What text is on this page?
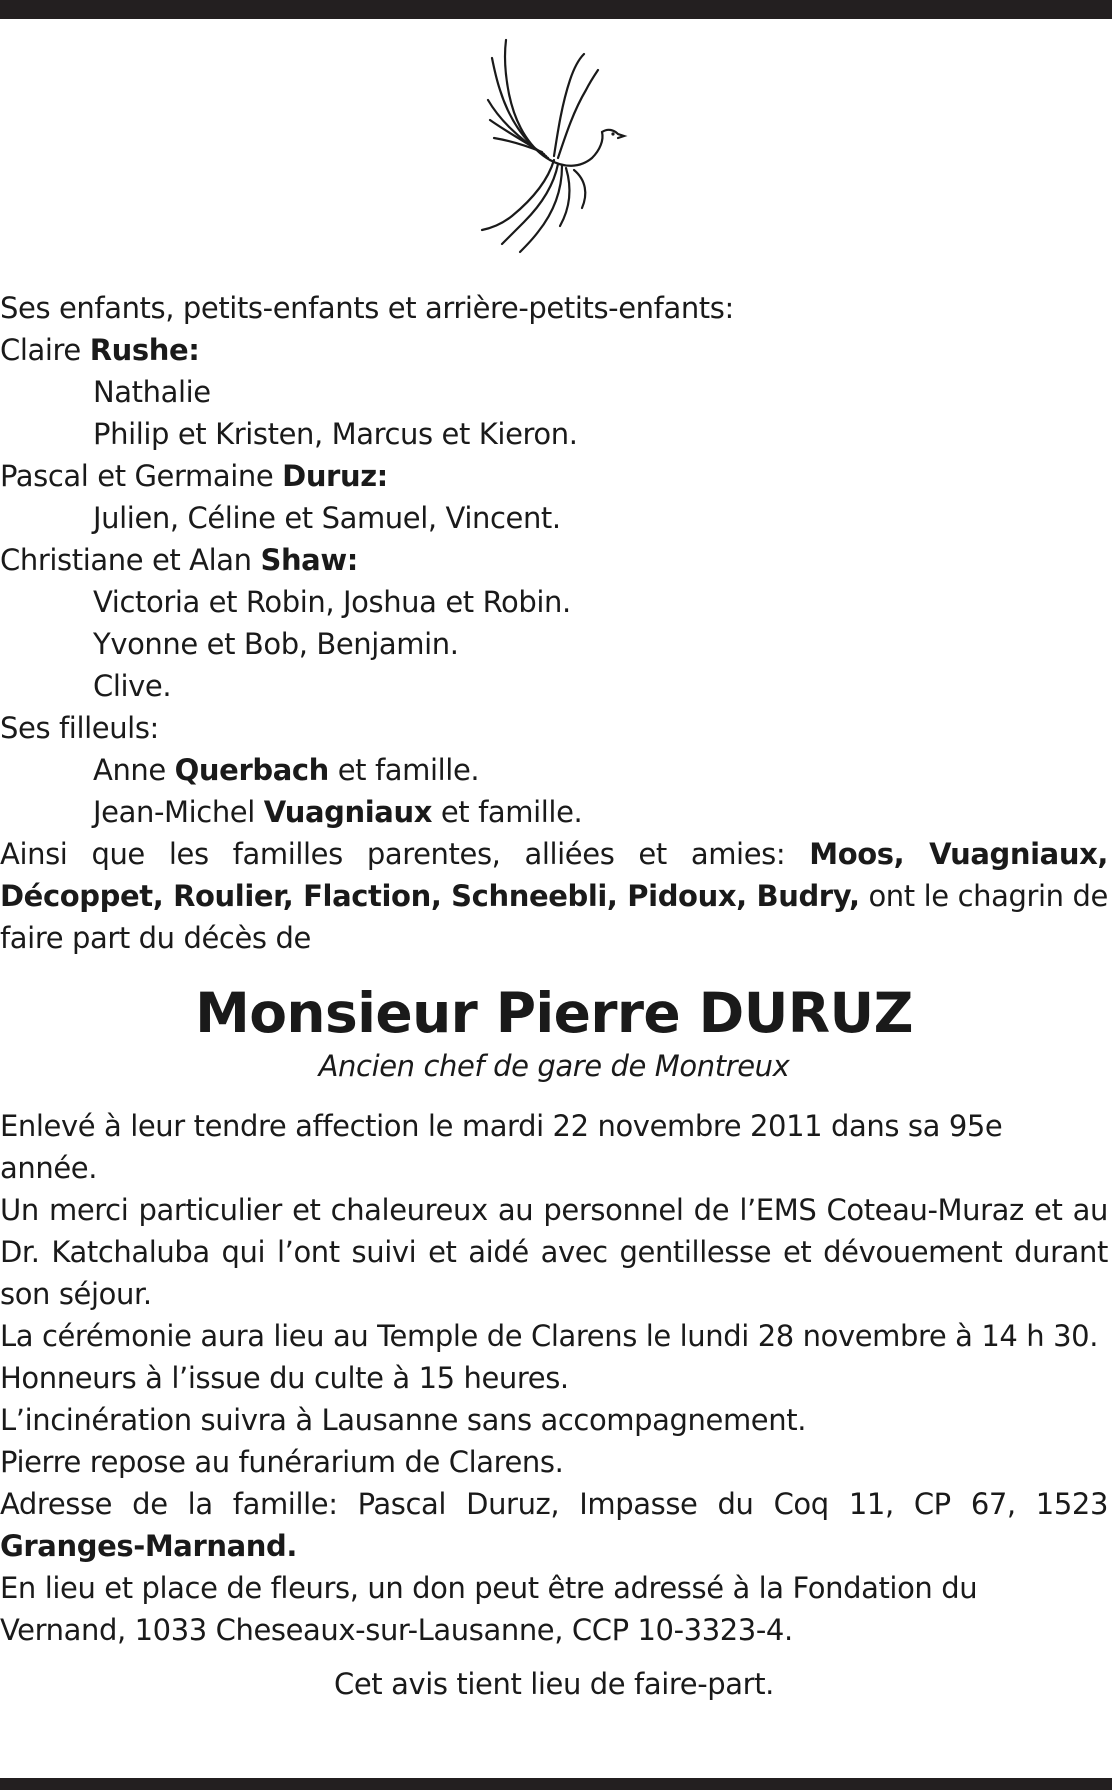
Ses enfants, petits-enfants et arrière-petits-enfants:

Claire Rushe:

Nathalie

Philip et Kristen, Marcus et Kieron.

Pascal et Germaine Duruz:

Julien, Céline et Samuel, Vincent.

Christiane et Alan Shaw:

Victoria et Robin, Joshua et Robin.

Yvonne et Bob, Benjamin.

Clive.

Ses filleuls:

Anne Querbach et famille.

Jean-Michel Vuagniaux et famille.

Ainsi que les familles parentes, alliées et amies: Moos, Vuagniaux, Décoppet, Roulier, Flaction, Schneebli, Pidoux, Budry, ont le chagrin de faire part du décès de

Monsieur Pierre DURUZ

Ancien chef de gare de Montreux

Enlevé à leur tendre affection le mardi 22 novembre 2011 dans sa 95e année.

Un merci particulier et chaleureux au personnel de l’EMS Coteau-Muraz et au Dr. Katchaluba qui l’ont suivi et aidé avec gentillesse et dévouement durant son séjour.

La cérémonie aura lieu au Temple de Clarens le lundi 28 novembre à 14 h 30.

Honneurs à l’issue du culte à 15 heures.

L’incinération suivra à Lausanne sans accompagnement.

Pierre repose au funérarium de Clarens.

Adresse de la famille: Pascal Duruz, Impasse du Coq 11, CP 67, 1523 Granges-Marnand.

En lieu et place de fleurs, un don peut être adressé à la Fondation du Vernand, 1033 Cheseaux-sur-Lausanne, CCP 10-3323-4.

Cet avis tient lieu de faire-part.
